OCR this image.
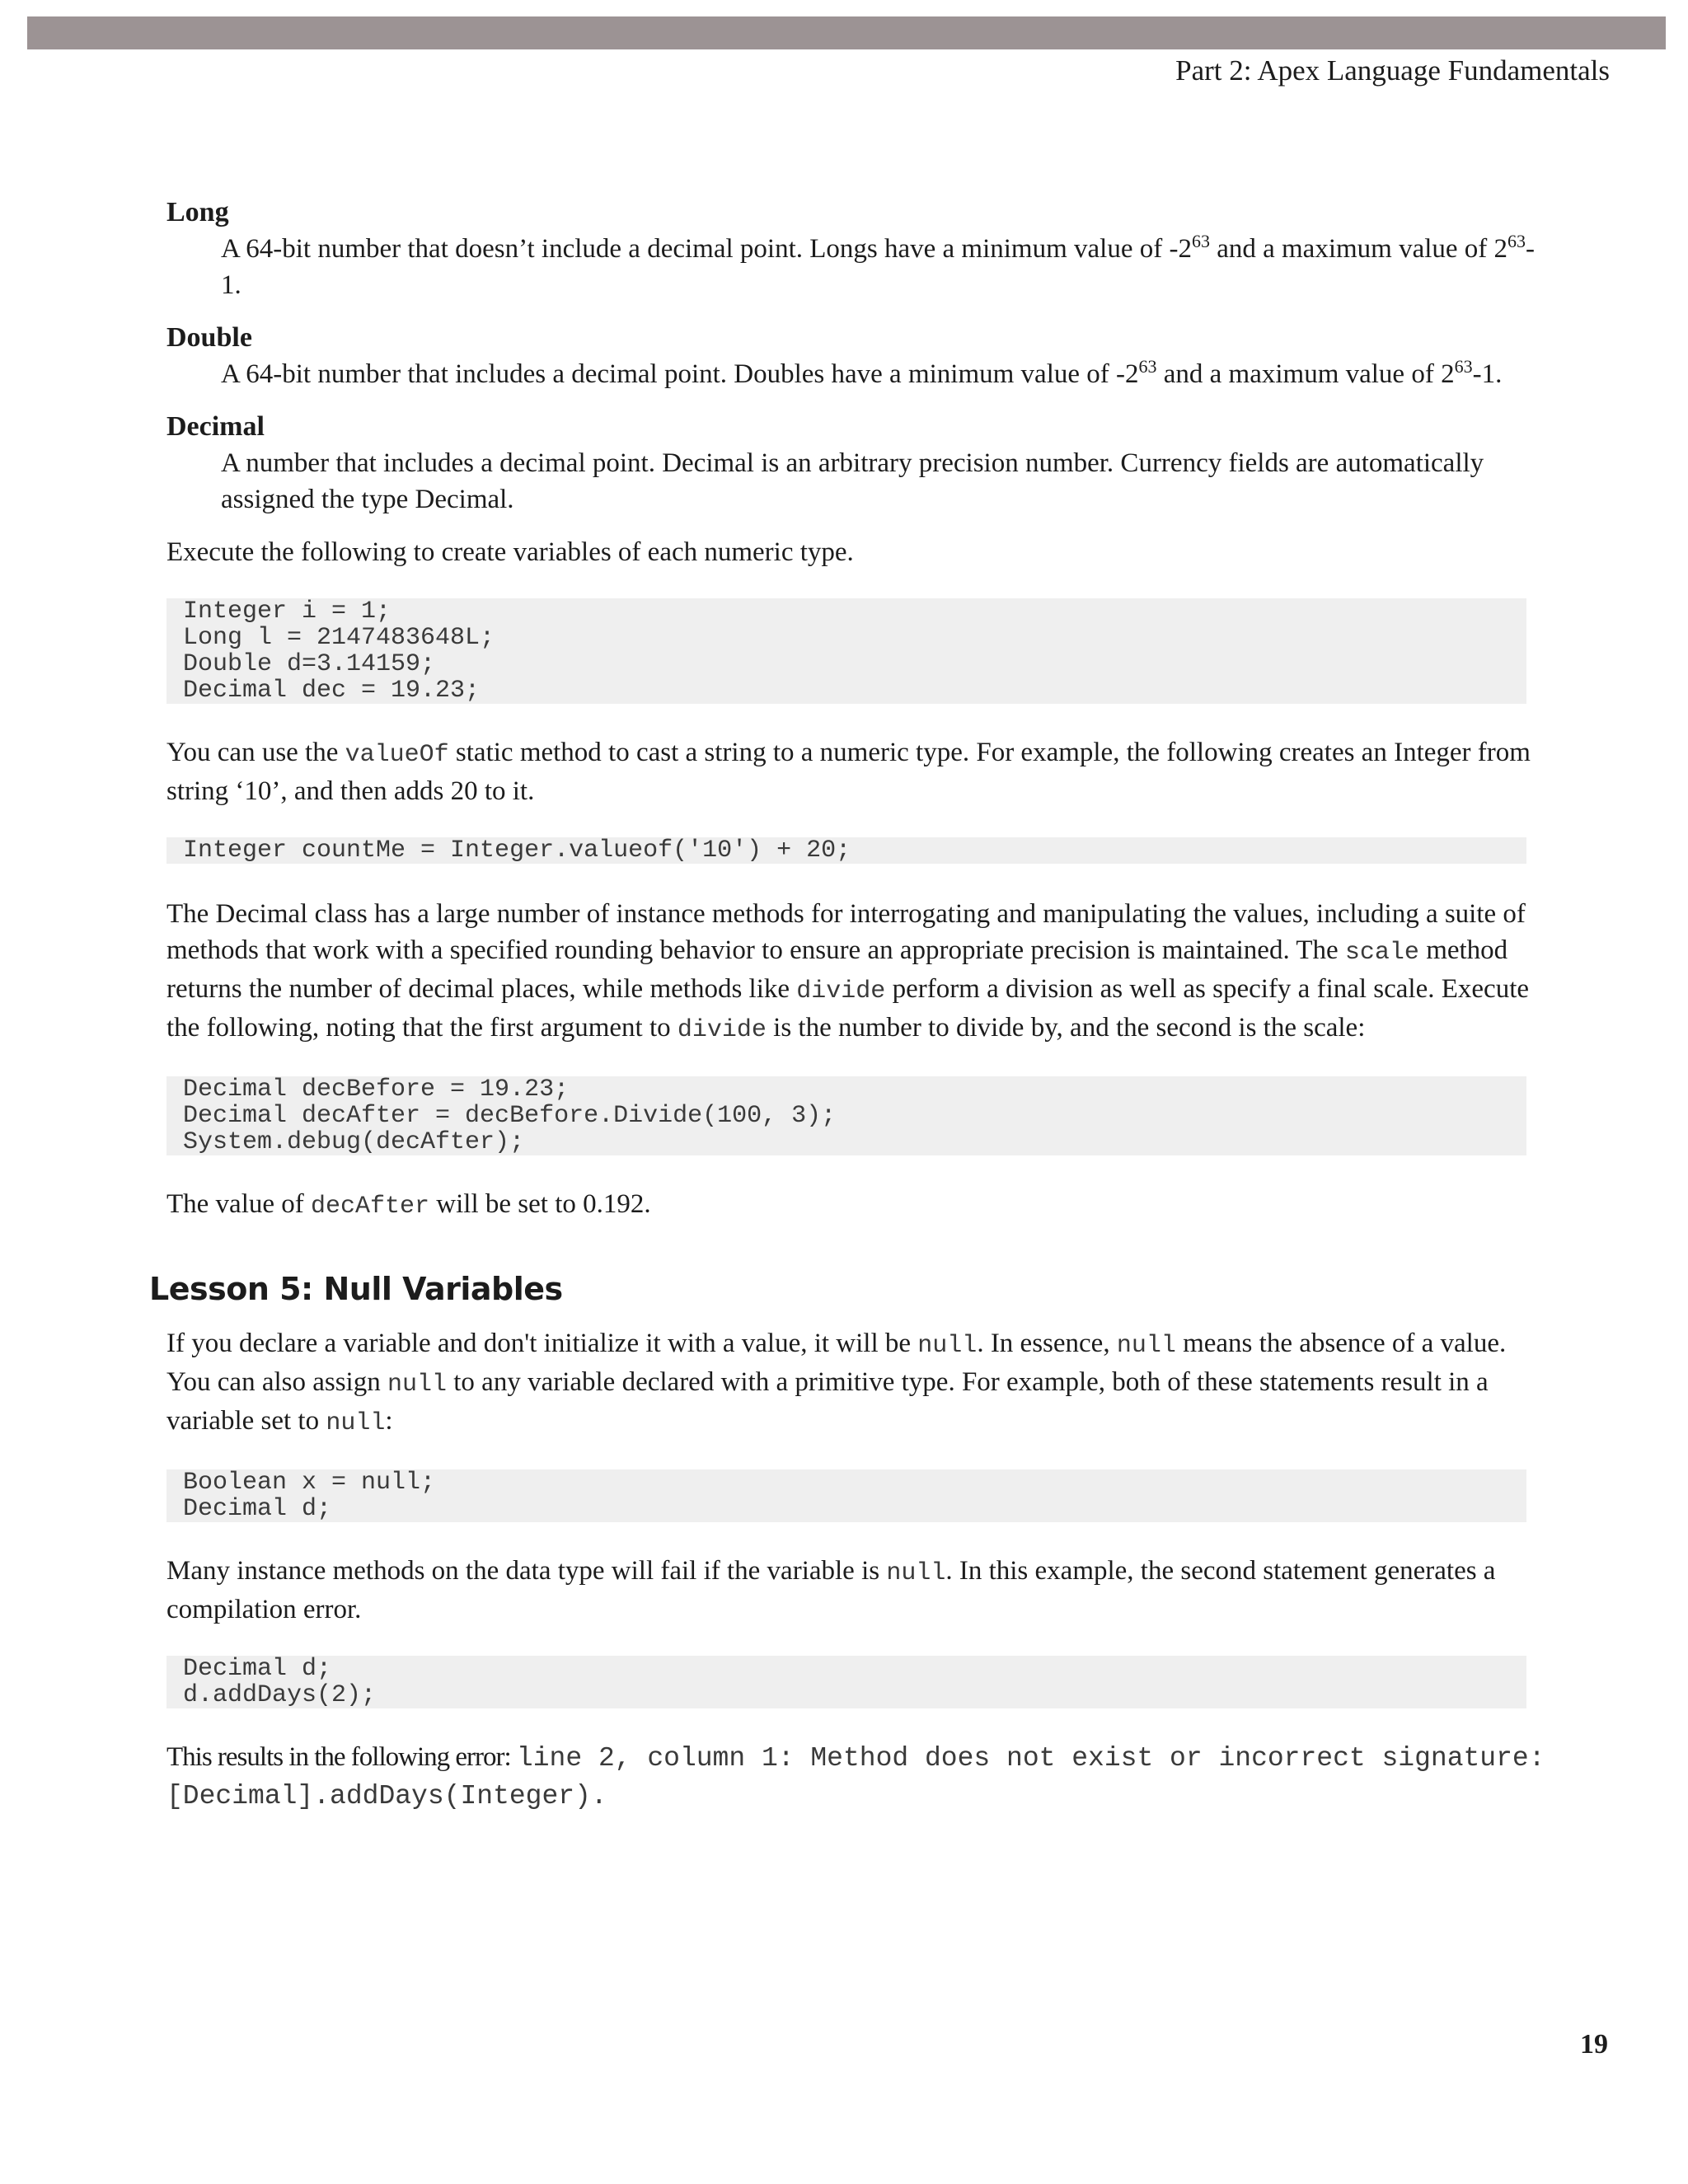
Part 2: Apex Language Fundamentals

Long

A 64-bit number that doesn’t include a decimal point. Longs have a minimum value of $-2^{63}$ and a maximum value of $2^{63}-1$.

Double

A 64-bit number that includes a decimal point. Doubles have a minimum value of $-2^{63}$ and a maximum value of $2^{63}-1$.

Decimal

A number that includes a decimal point. Decimal is an arbitrary precision number. Currency fields are automatically assigned the type Decimal.

Execute the following to create variables of each numeric type.

Integer i = 1;
Long l = 2147483648L;
Double d=3.14159;
Decimal dec = 19.23;

You can use the valueOf static method to cast a string to a numeric type. For example, the following creates an Integer from string ‘10’, and then adds 20 to it.

Integer countMe = Integer.valueof('10') + 20;

The Decimal class has a large number of instance methods for interrogating and manipulating the values, including a suite of methods that work with a specified rounding behavior to ensure an appropriate precision is maintained. The scale method returns the number of decimal places, while methods like divide perform a division as well as specify a final scale. Execute the following, noting that the first argument to divide is the number to divide by, and the second is the scale:

Decimal decBefore = 19.23;
Decimal decAfter = decBefore.Divide(100, 3);
System.debug(decAfter);

The value of decAfter will be set to 0.192.

Lesson 5: Null Variables

If you declare a variable and don't initialize it with a value, it will be null. In essence, null means the absence of a value. You can also assign null to any variable declared with a primitive type. For example, both of these statements result in a variable set to null:

Boolean x = null;
Decimal d;

Many instance methods on the data type will fail if the variable is null. In this example, the second statement generates a compilation error.

Decimal d;
d.addDays(2);

This results in the following error: line 2, column 1: Method does not exist or incorrect signature: [Decimal].addDays(Integer).

19
